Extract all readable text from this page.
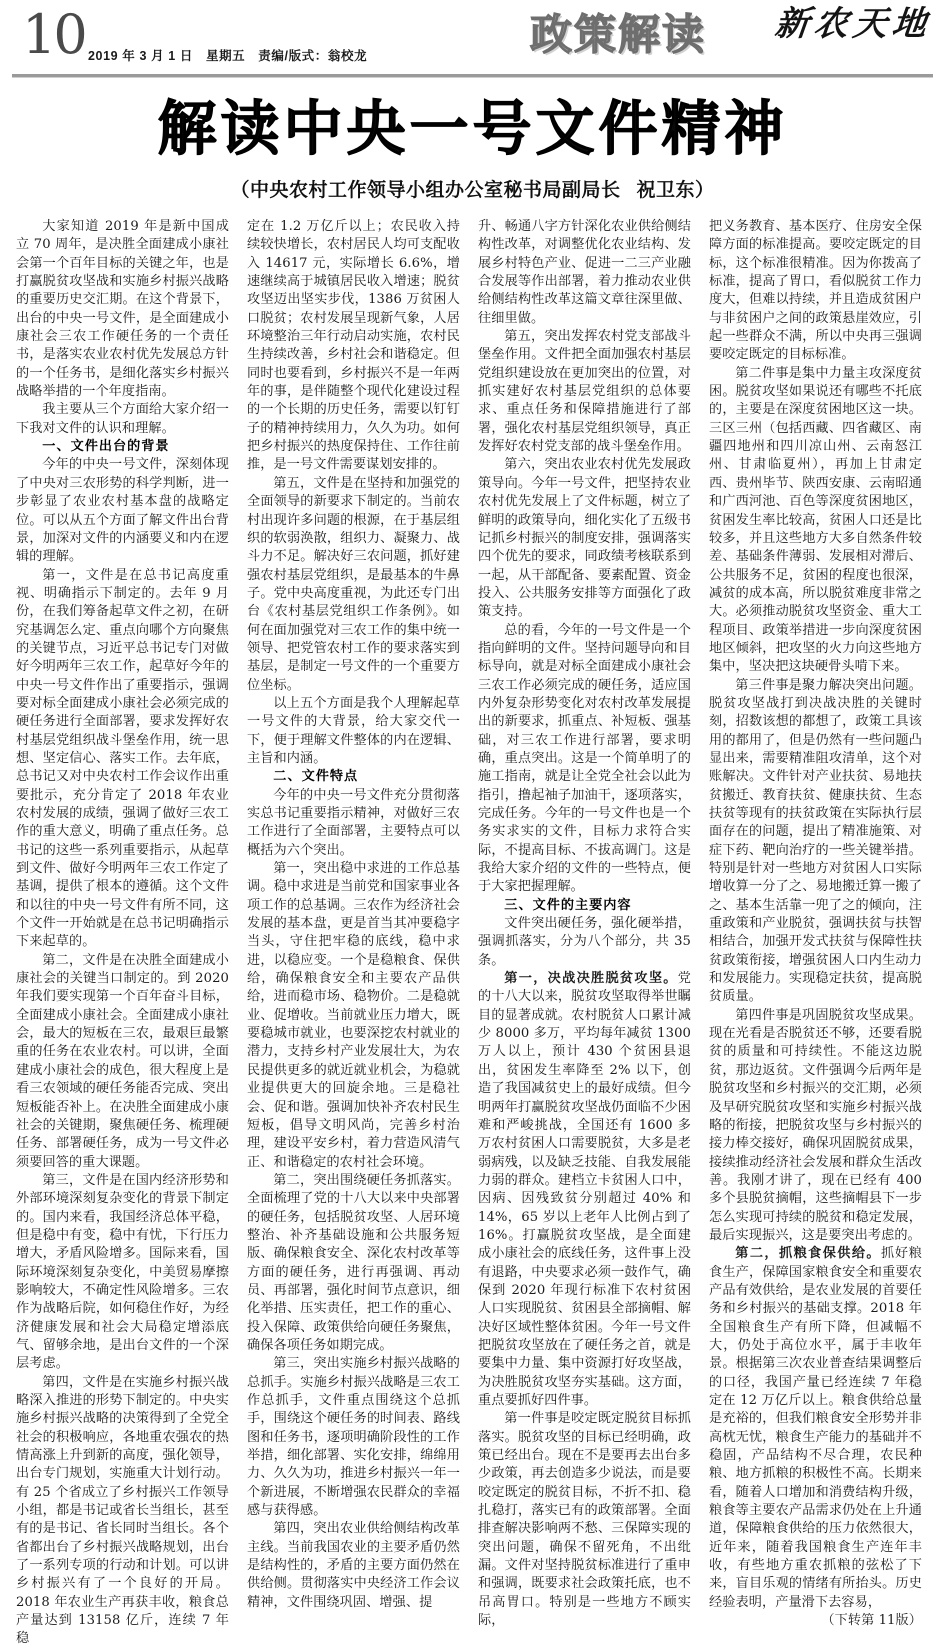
10 2019 年 3 月 1 日 星期五 责编/版式：翁校龙	政策解读 新农天地
解读中央一号文件精神
（中央农村工作领导小组办公室秘书局副局长 祝卫东）

大家知道 2019 年是新中国成立 70 周年，是决胜全面建成小康社会第一个百年目标的关键之年，也是打赢脱贫攻坚战和实施乡村振兴战略的重要历史交汇期。在这个背景下，出台的中央一号文件，是全面建成小康社会三农工作硬任务的一个责任书，是落实农业农村优先发展总方针的一个任务书，是细化落实乡村振兴战略举措的一个年度指南。

我主要从三个方面给大家介绍一下我对文件的认识和理解。

一、文件出台的背景

今年的中央一号文件，深刻体现了中央对三农形势的科学判断，进一步彰显了农业农村基本盘的战略定位。可以从五个方面了解文件出台背景，加深对文件的内涵要义和内在逻辑的理解。

第一，文件是在总书记高度重视、明确指示下制定的。去年 9 月份，在我们筹备起草文件之初，在研究基调怎么定、重点向哪个方向聚焦的关键节点，习近平总书记专门对做好今明两年三农工作，起草好今年的中央一号文件作出了重要指示，强调要对标全面建成小康社会必须完成的硬任务进行全面部署，要求发挥好农村基层党组织战斗堡垒作用，统一思想、坚定信心、落实工作。去年底，总书记又对中央农村工作会议作出重要批示，充分肯定了 2018 年农业农村发展的成绩，强调了做好三农工作的重大意义，明确了重点任务。总书记的这些一系列重要指示，从起草到文件、做好今明两年三农工作定了基调，提供了根本的遵循。这个文件和以往的中央一号文件有所不同，这个文件一开始就是在总书记明确指示下来起草的。

第二，文件是在决胜全面建成小康社会的关键当口制定的。到 2020 年我们要实现第一个百年奋斗目标，全面建成小康社会。全面建成小康社会，最大的短板在三农，最艰巨最繁重的任务在农业农村。可以讲，全面建成小康社会的成色，很大程度上是看三农领域的硬任务能否完成、突出短板能否补上。在决胜全面建成小康社会的关键期，聚焦硬任务、梳理硬任务、部署硬任务，成为一号文件必须要回答的重大课题。

第三，文件是在国内经济形势和外部环境深刻复杂变化的背景下制定的。国内来看，我国经济总体平稳，但是稳中有变，稳中有忧，下行压力增大，矛盾风险增多。国际来看，国际环境深刻复杂变化，中美贸易摩擦影响较大，不确定性风险增多。三农作为战略后院，如何稳住作好，为经济健康发展和社会大局稳定增添底气、留够余地，是出台文件的一个深层考虑。

第四，文件是在实施乡村振兴战略深入推进的形势下制定的。中央实施乡村振兴战略的决策得到了全党全社会的积极响应，各地重农强农的热情高涨上升到新的高度，强化领导，出台专门规划，实施重大计划行动。有 25 个省成立了乡村振兴工作领导小组，都是书记或省长当组长，甚至有的是书记、省长同时当组长。各个省都出台了乡村振兴战略规划，出台了一系列专项的行动和计划。可以讲乡村振兴有了一个良好的开局。2018 年农业生产再获丰收，粮食总产量达到 13158 亿斤，连续 7 年稳

定在 1.2 万亿斤以上；农民收入持续较快增长，农村居民人均可支配收入 14617 元，实际增长 6.6%，增速继续高于城镇居民收入增速；脱贫攻坚迈出坚实步伐，1386 万贫困人口脱贫；农村发展呈现新气象，人居环境整治三年行动启动实施，农村民生持续改善，乡村社会和谐稳定。但同时也要看到，乡村振兴不是一年两年的事，是伴随整个现代化建设过程的一个长期的历史任务，需要以钉钉子的精神持续用力，久久为功。如何把乡村振兴的热度保持住、工作往前推，是一号文件需要谋划安排的。

第五，文件是在坚持和加强党的全面领导的新要求下制定的。当前农村出现许多问题的根源，在于基层组织的软弱涣散，组织力、凝聚力、战斗力不足。解决好三农问题，抓好建强农村基层党组织，是最基本的牛鼻子。党中央高度重视，为此还专门出台《农村基层党组织工作条例》。如何在面加强党对三农工作的集中统一领导、把党管农村工作的要求落实到基层，是制定一号文件的一个重要方位坐标。

以上五个方面是我个人理解起草一号文件的大背景，给大家交代一下，便于理解文件整体的内在逻辑、主旨和内涵。

二、文件特点

今年的中央一号文件充分贯彻落实总书记重要指示精神，对做好三农工作进行了全面部署，主要特点可以概括为六个突出。

第一，突出稳中求进的工作总基调。稳中求进是当前党和国家事业各项工作的总基调。三农作为经济社会发展的基本盘，更是首当其冲要稳字当头，守住把牢稳的底线，稳中求进，以稳应变。一个是稳粮食、保供给，确保粮食安全和主要农产品供给，进而稳市场、稳物价。二是稳就业、促增收。当前就业压力增大，既要稳城市就业，也要深挖农村就业的潜力，支持乡村产业发展壮大，为农民提供更多的就近就业机会，为稳就业提供更大的回旋余地。三是稳社会、促和谐。强调加快补齐农村民生短板，倡导文明风尚，完善乡村治理，建设平安乡村，着力营造风清气正、和谐稳定的农村社会环境。

第二，突出围绕硬任务抓落实。全面梳理了党的十八大以来中央部署的硬任务，包括脱贫攻坚、人居环境整治、补齐基础设施和公共服务短版、确保粮食安全、深化农村改革等方面的硬任务，进行再强调、再动员、再部署，强化时间节点意识，细化举措、压实责任，把工作的重心、投入保障、政策供给向硬任务聚焦，确保各项任务如期完成。

第三，突出实施乡村振兴战略的总抓手。实施乡村振兴战略是三农工作总抓手，文件重点围绕这个总抓手，围绕这个硬任务的时间表、路线图和任务书，逐项明确阶段性的工作举措，细化部署、实化安排，绵绵用力、久久为功，推进乡村振兴一年一个新进展，不断增强农民群众的幸福感与获得感。

第四，突出农业供给侧结构改革主线。当前我国农业的主要矛盾仍然是结构性的，矛盾的主要方面仍然在供给侧。贯彻落实中央经济工作会议精神，文件围绕巩固、增强、提

升、畅通八字方针深化农业供给侧结构性改革，对调整优化农业结构、发展乡村特色产业、促进一二三产业融合发展等作出部署，着力推动农业供给侧结构性改革这篇文章往深里做、往细里做。

第五，突出发挥农村党支部战斗堡垒作用。文件把全面加强农村基层党组织建设放在更加突出的位置，对抓实建好农村基层党组织的总体要求、重点任务和保障措施进行了部署，强化农村基层党组织领导，真正发挥好农村党支部的战斗堡垒作用。

第六，突出农业农村优先发展政策导向。今年一号文件，把坚持农业农村优先发展上了文件标题，树立了鲜明的政策导向，细化实化了五级书记抓乡村振兴的制度安排，强调落实四个优先的要求，同政绩考核联系到一起，从干部配备、要素配置、资金投入、公共服务安排等方面强化了政策支持。

总的看，今年的一号文件是一个指向鲜明的文件。坚持问题导向和目标导向，就是对标全面建成小康社会三农工作必须完成的硬任务，适应国内外复杂形势变化对农村改革发展提出的新要求，抓重点、补短板、强基础，对三农工作进行部署，要求明确，重点突出。这是一个简单明了的施工指南，就是让全党全社会以此为指引，撸起袖子加油干，逐项落实，完成任务。今年的一号文件也是一个务实求实的文件，目标力求符合实际，不提高目标、不拔高调门。这是我给大家介绍的文件的一些特点，便于大家把握理解。

三、文件的主要内容

文件突出硬任务，强化硬举措，强调抓落实，分为八个部分，共 35 条。

第一，决战决胜脱贫攻坚。党的十八大以来，脱贫攻坚取得举世瞩目的显著成就。农村脱贫人口累计减少 8000 多万，平均每年减贫 1300 万人以上，预计 430 个贫困县退出，贫困发生率降至 2% 以下，创造了我国减贫史上的最好成绩。但今明两年打赢脱贫攻坚战仍面临不少困难和严峻挑战，全国还有 1600 多万农村贫困人口需要脱贫，大多是老弱病残，以及缺乏技能、自我发展能力弱的群众。建档立卡贫困人口中，因病、因残致贫分别超过 40% 和 14%，65 岁以上老年人比例占到了 16%。打赢脱贫攻坚战，是全面建成小康社会的底线任务，这件事上没有退路，中央要求必须一鼓作气，确保到 2020 年现行标准下农村贫困人口实现脱贫、贫困县全部摘帽、解决好区域性整体贫困。今年一号文件把脱贫攻坚放在了硬任务之首，就是要集中力量、集中资源打好攻坚战，为决胜脱贫攻坚夯实基础。这方面，重点要抓好四件事。

第一件事是咬定既定脱贫目标抓落实。脱贫攻坚的目标已经明确，政策已经出台。现在不是要再去出台多少政策，再去创造多少说法，而是要咬定既定的脱贫目标，不折不扣、稳扎稳打，落实已有的政策部署。全面排查解决影响两不愁、三保障实现的突出问题，确保不留死角，不出纰漏。文件对坚持脱贫标准进行了重申和强调，既要求社会政策托底，也不吊高胃口。特别是一些地方不顾实际，

把义务教育、基本医疗、住房安全保障方面的标准提高。要咬定既定的目标，这个标准很精准。因为你拨高了标准，提高了胃口，看似脱贫工作力度大，但难以持续，并且造成贫困户与非贫困户之间的政策悬崖效应，引起一些群众不满，所以中央再三强调要咬定既定的目标标准。

第二件事是集中力量主攻深度贫困。脱贫攻坚如果说还有哪些不托底的，主要是在深度贫困地区这一块。三区三州（包括西藏、四省藏区、南疆四地州和四川凉山州、云南怒江州、甘肃临夏州），再加上甘肃定西、贵州毕节、陕西安康、云南昭通和广西河池、百色等深度贫困地区，贫困发生率比较高，贫困人口还是比较多，并且这些地方大多自然条件较差、基础条件薄弱、发展相对滞后、公共服务不足，贫困的程度也很深，减贫的成本高，所以脱贫难度非常之大。必须推动脱贫攻坚资金、重大工程项目、政策举措进一步向深度贫困地区倾斜，把攻坚的火力向这些地方集中，坚决把这块硬骨头啃下来。

第三件事是聚力解决突出问题。脱贫攻坚战打到决战决胜的关键时刻，招数该想的都想了，政策工具该用的都用了，但是仍然有一些问题凸显出来，需要精准阻攻清单，这个对账解决。文件针对产业扶贫、易地扶贫搬迁、教育扶贫、健康扶贫、生态扶贫等现有的扶贫政策在实际执行层面存在的问题，提出了精准施策、对症下药、靶向治疗的一些关键举措。特别是针对一些地方对贫困人口实际增收算一分了之、易地搬迁算一搬了之、基本生活靠一兜了之的倾向，注重政策和产业脱贫，强调扶贫与扶智相结合，加强开发式扶贫与保障性扶贫政策衔接，增强贫困人口内生动力和发展能力。实现稳定扶贫，提高脱贫质量。

第四件事是巩固脱贫攻坚成果。现在光看是否脱贫还不够，还要看脱贫的质量和可持续性。不能这边脱贫，那边返贫。文件强调今后两年是脱贫攻坚和乡村振兴的交汇期，必须及早研究脱贫攻坚和实施乡村振兴战略的衔接，把脱贫攻坚与乡村振兴的接力棒交接好，确保巩固脱贫成果，接续推动经济社会发展和群众生活改善。我刚才讲了，现在已经有 400 多个县脱贫摘帽，这些摘帽县下一步怎么实现可持续的脱贫和稳定发展，最后实现振兴，这是要突出考虑的。

第二，抓粮食保供给。抓好粮食生产，保障国家粮食安全和重要农产品有效供给，是农业发展的首要任务和乡村振兴的基础支撑。2018 年全国粮食生产有所下降，但减幅不大，仍处于高位水平，属于丰收年景。根据第三次农业普查结果调整后的口径，我国产量已经连续 7 年稳定在 12 万亿斤以上。粮食供给总量是充裕的，但我们粮食安全形势并非高枕无忧，粮食生产能力的基础并不稳固，产品结构不尽合理，农民种粮、地方抓粮的积极性不高。长期来看，随着人口增加和消费结构升级，粮食等主要农产品需求仍处在上升通道，保障粮食供给的压力依然很大，近年来，随着我国粮食生产连年丰收，有些地方重农抓粮的弦松了下来，盲目乐观的情绪有所抬头。历史经验表明，产量滑下去容易，

（下转第 11版）
